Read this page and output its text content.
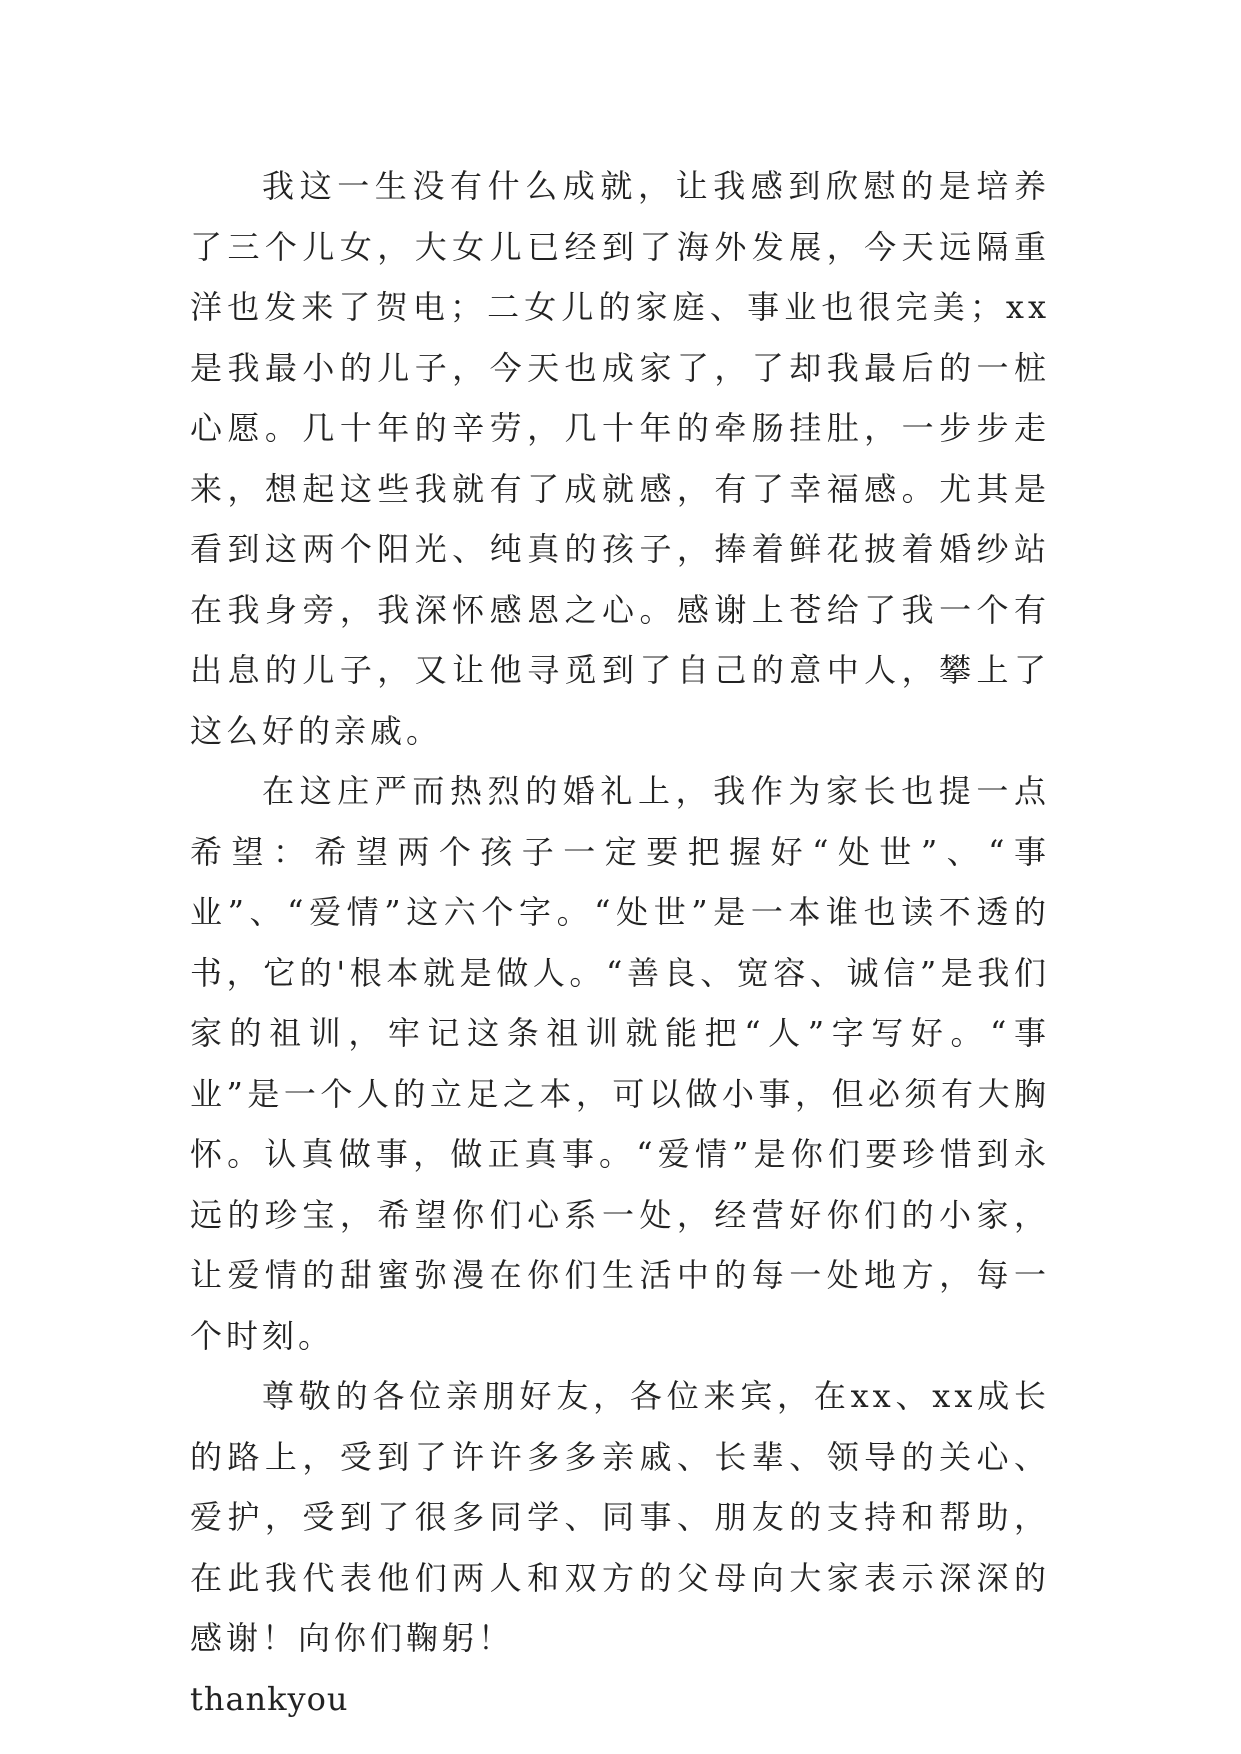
我这一生没有什么成就，让我感到欣慰的是培养了三个儿女，大女儿已经到了海外发展，今天远隔重洋也发来了贺电；二女儿的家庭、事业也很完美；xx是我最小的儿子，今天也成家了，了却我最后的一桩心愿。几十年的辛劳，几十年的牵肠挂肚，一步步走来，想起这些我就有了成就感，有了幸福感。尤其是看到这两个阳光、纯真的孩子，捧着鲜花披着婚纱站在我身旁，我深怀感恩之心。感谢上苍给了我一个有出息的儿子，又让他寻觅到了自己的意中人，攀上了这么好的亲戚。

在这庄严而热烈的婚礼上，我作为家长也提一点希望：希望两个孩子一定要把握好“处世”、“事业”、“爱情”这六个字。“处世”是一本谁也读不透的书，它的'根本就是做人。“善良、宽容、诚信”是我们家的祖训，牢记这条祖训就能把“人”字写好。“事业”是一个人的立足之本，可以做小事，但必须有大胸怀。认真做事，做正真事。“爱情”是你们要珍惜到永远的珍宝，希望你们心系一处，经营好你们的小家，让爱情的甜蜜弥漫在你们生活中的每一处地方，每一个时刻。

尊敬的各位亲朋好友，各位来宾，在xx、xx成长的路上，受到了许许多多亲戚、长辈、领导的关心、爱护，受到了很多同学、同事、朋友的支持和帮助，在此我代表他们两人和双方的父母向大家表示深深的感谢！向你们鞠躬！

thankyou
